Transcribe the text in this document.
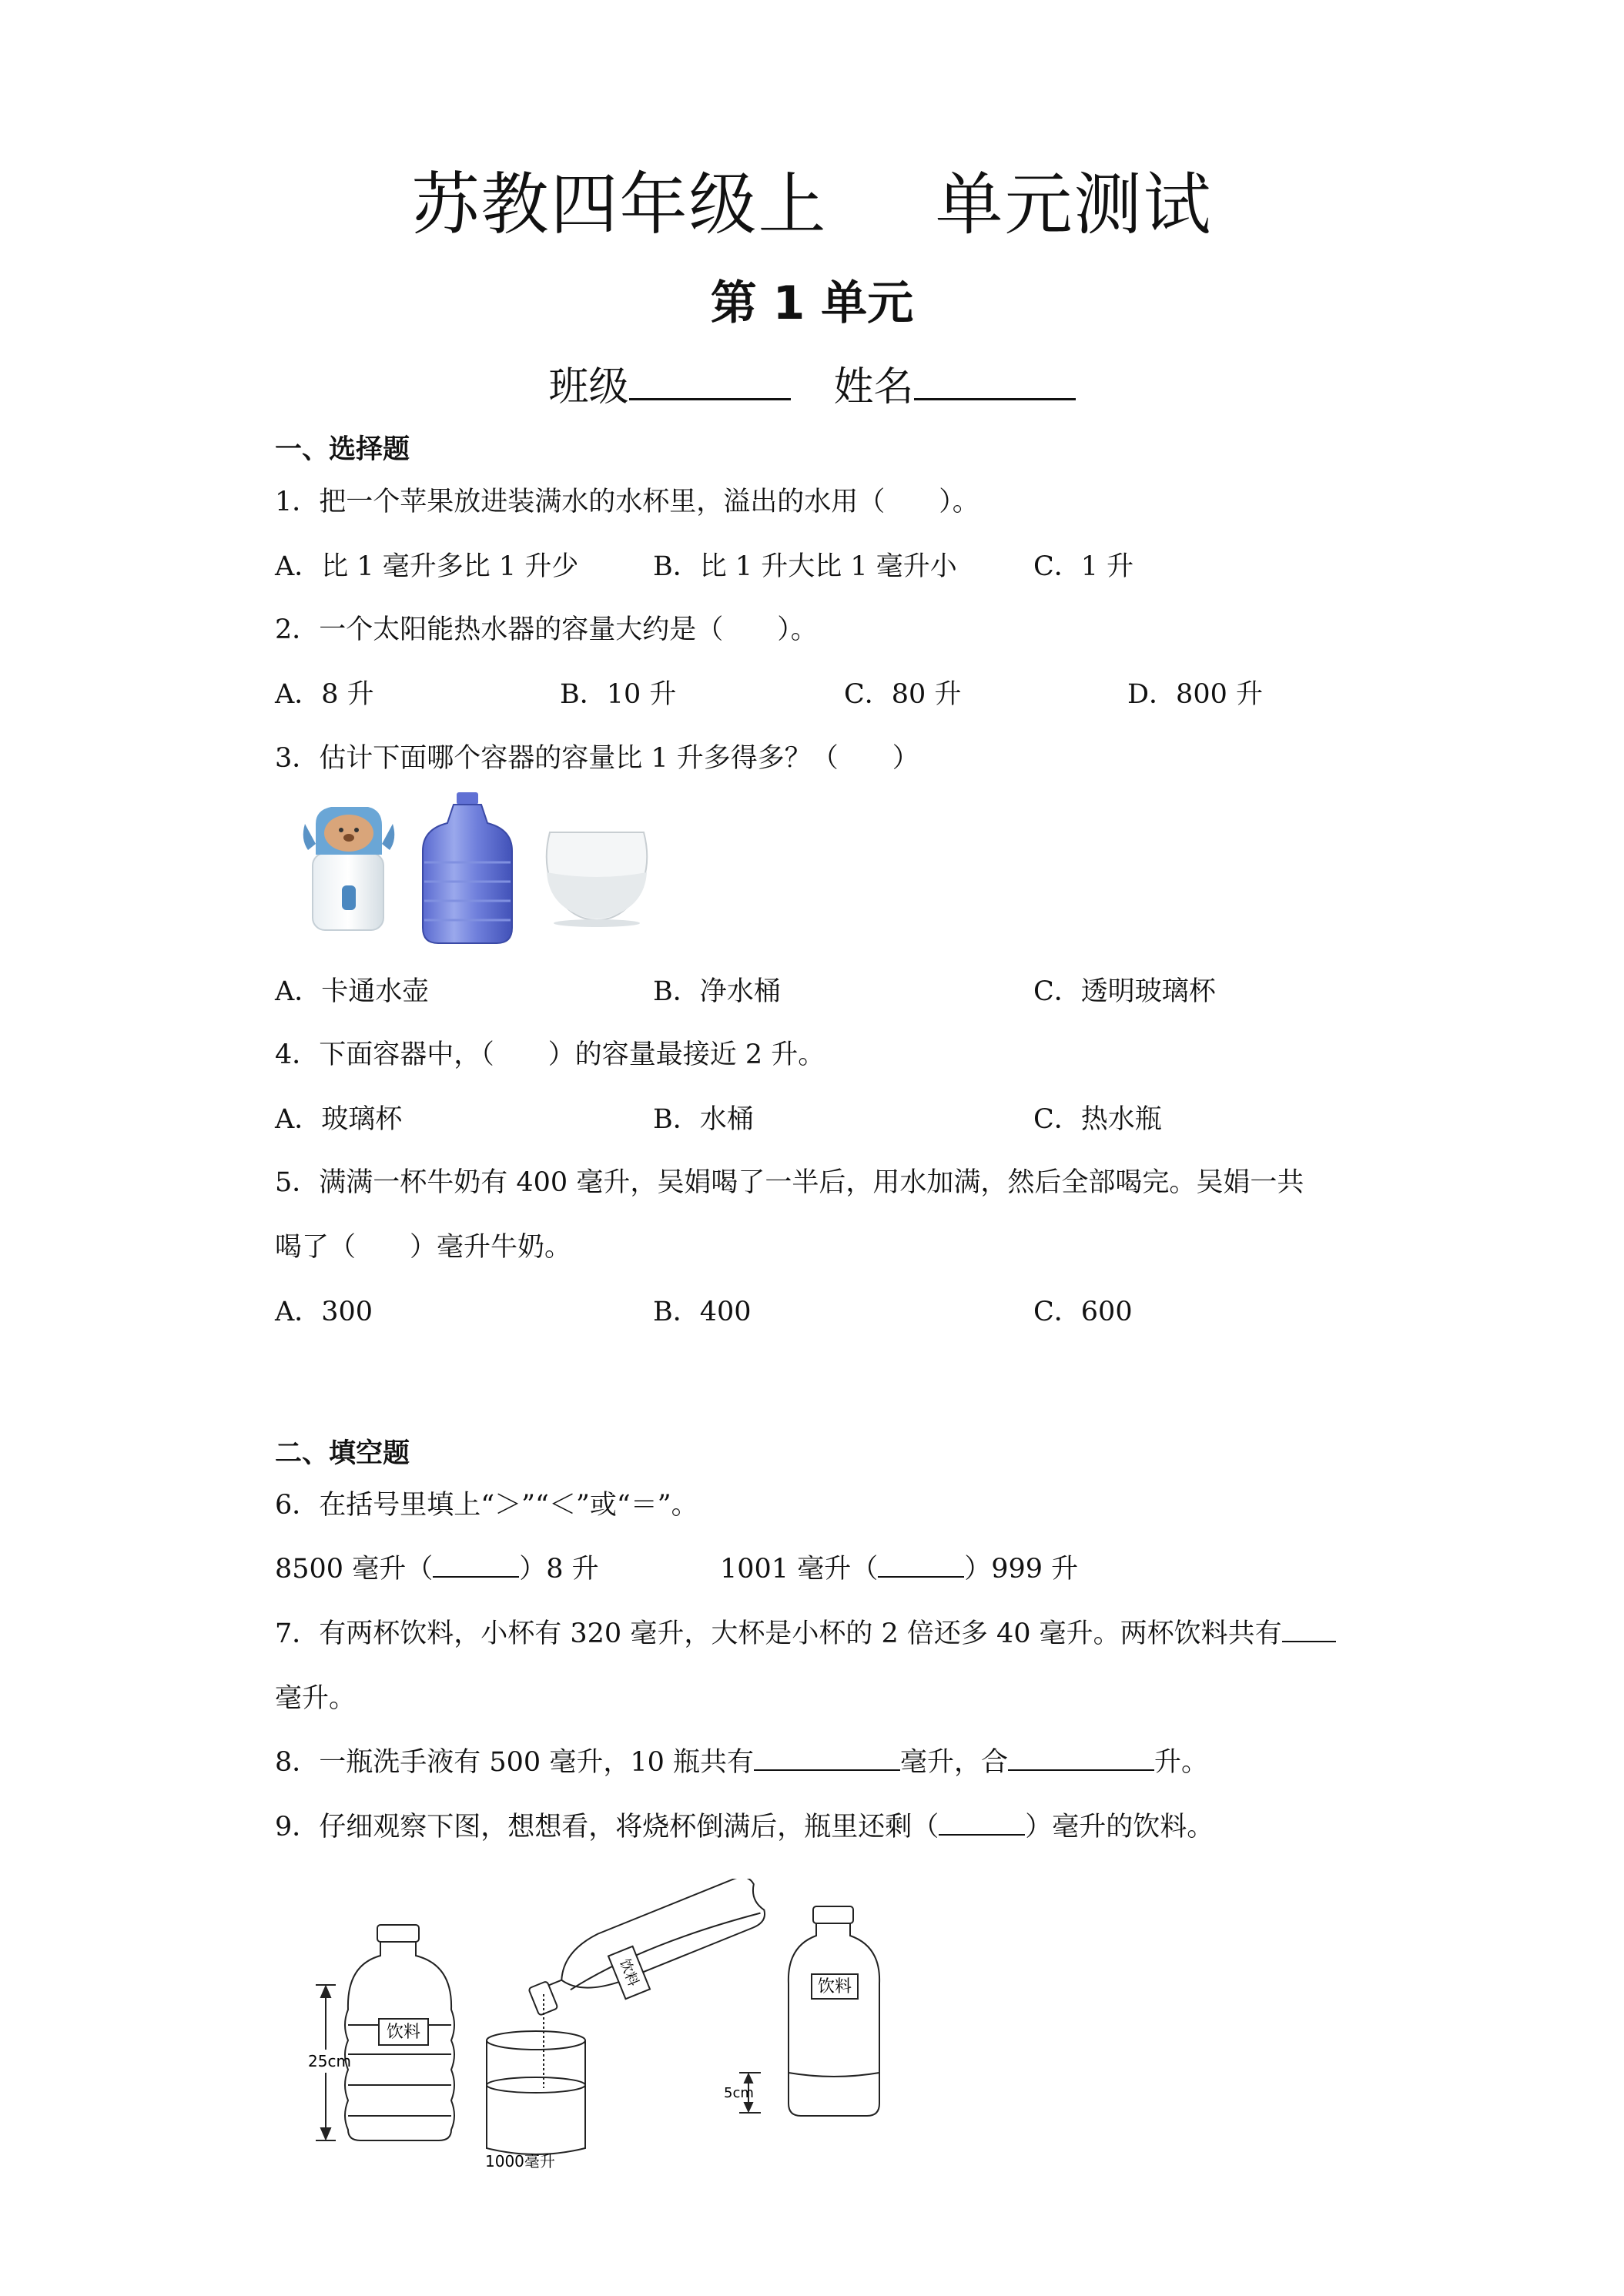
苏教四年级上 单元测试
第 1 单元
班级	姓名
一、选择题
1．把一个苹果放进装满水的水杯里，溢出的水用（　　）。
A．比 1 毫升多比 1 升少	B．比 1 升大比 1 毫升小	C．1 升
2．一个太阳能热水器的容量大约是（　　）。
A．8 升	B．10 升	C．80 升	D．800 升
3．估计下面哪个容器的容量比 1 升多得多？（　　）
A．卡通水壶	B．净水桶	C．透明玻璃杯
4．下面容器中，（　　）的容量最接近 2 升。
A．玻璃杯	B．水桶	C．热水瓶
5．满满一杯牛奶有 400 毫升，吴娟喝了一半后，用水加满，然后全部喝完。吴娟一共
喝了（　　）毫升牛奶。
A．300	B．400	C．600
二、填空题
6．在括号里填上“＞”“＜”或“＝”。
8500 毫升（	）8 升	1001 毫升（	）999 升
7．有两杯饮料，小杯有 320 毫升，大杯是小杯的 2 倍还多 40 毫升。两杯饮料共有
毫升。
8．一瓶洗手液有 500 毫升，10 瓶共有	毫升，合	升。
9．仔细观察下图，想想看，将烧杯倒满后，瓶里还剩（	）毫升的饮料。
饮料
25cm
1000毫升
饮料	饮料
5cm
